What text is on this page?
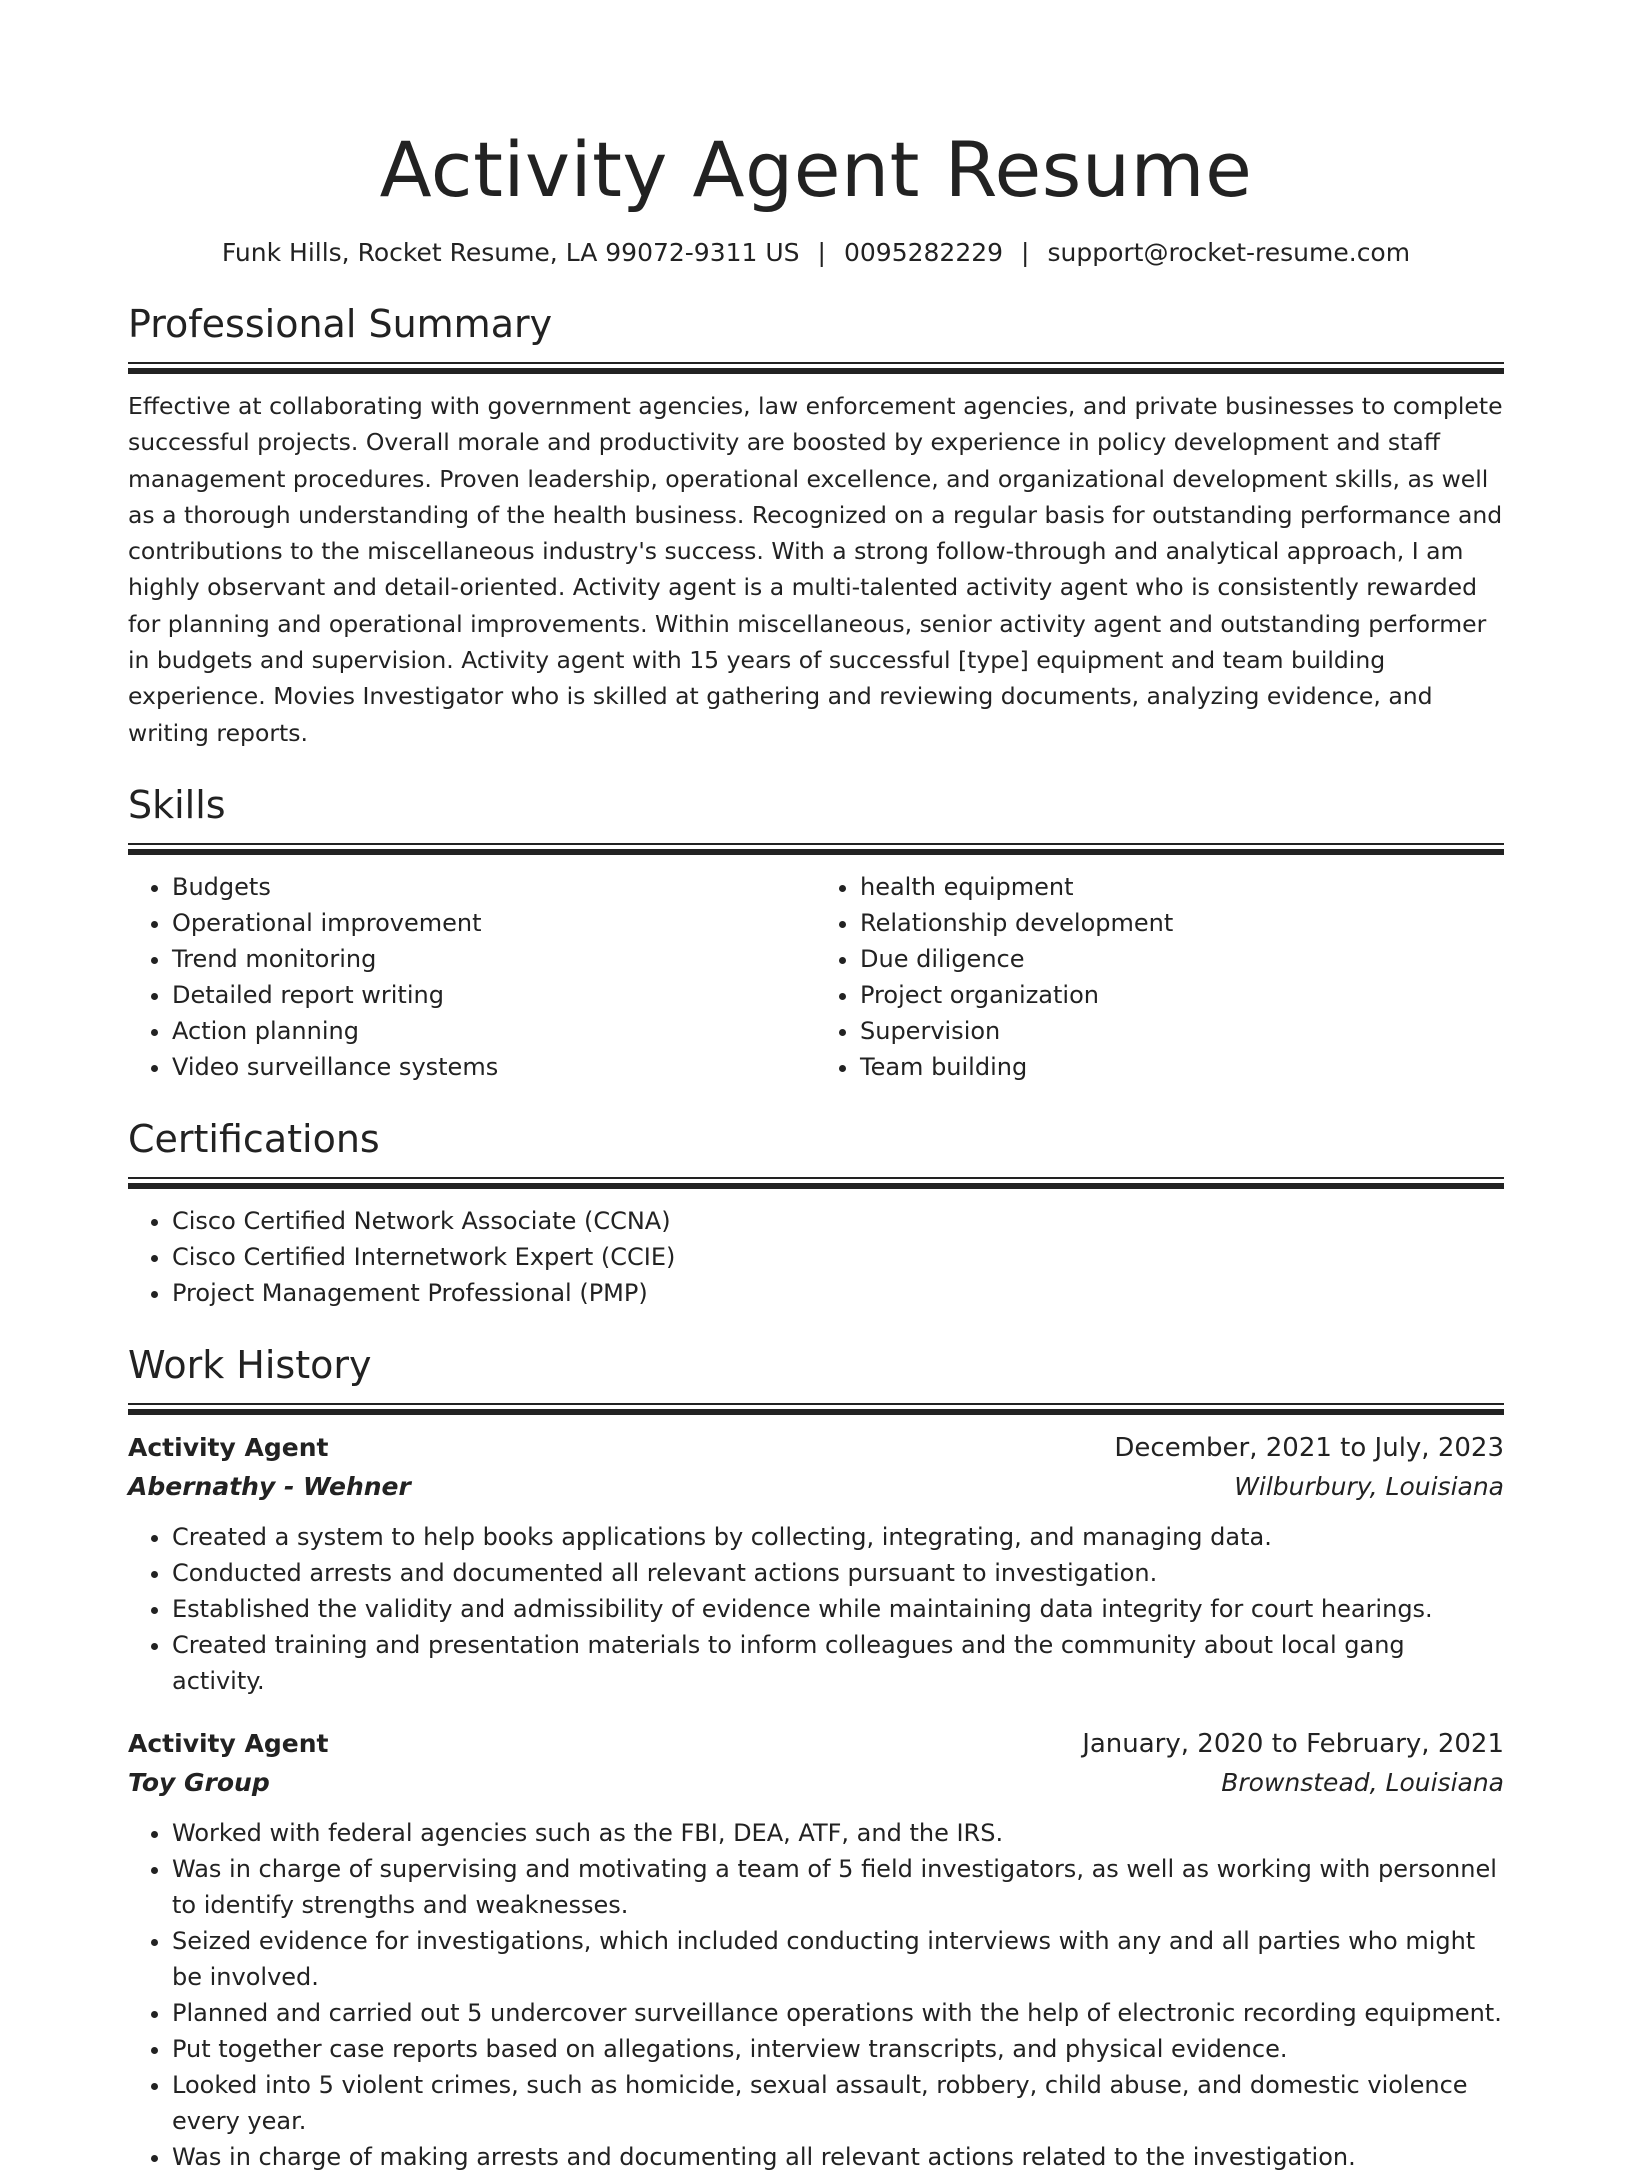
Activity Agent Resume
Funk Hills, Rocket Resume, LA 99072-9311 US | 0095282229 | support@rocket-resume.com
Professional Summary

Effective at collaborating with government agencies, law enforcement agencies, and private businesses to complete successful projects. Overall morale and productivity are boosted by experience in policy development and staff management procedures. Proven leadership, operational excellence, and organizational development skills, as well as a thorough understanding of the health business. Recognized on a regular basis for outstanding performance and contributions to the miscellaneous industry's success. With a strong follow-through and analytical approach, I am highly observant and detail-oriented. Activity agent is a multi-talented activity agent who is consistently rewarded for planning and operational improvements. Within miscellaneous, senior activity agent and outstanding performer in budgets and supervision. Activity agent with 15 years of successful [type] equipment and team building experience. Movies Investigator who is skilled at gathering and reviewing documents, analyzing evidence, and writing reports.

Skills
• Budgets
• Operational improvement
• Trend monitoring
• Detailed report writing
• Action planning
• Video surveillance systems
• health equipment
• Relationship development
• Due diligence
• Project organization
• Supervision
• Team building
Certifications
• Cisco Certified Network Associate (CCNA)
• Cisco Certified Internetwork Expert (CCIE)
• Project Management Professional (PMP)
Work History
Activity Agent	December, 2021 to July, 2023
Abernathy - Wehner	Wilburbury, Louisiana
• Created a system to help books applications by collecting, integrating, and managing data.
• Conducted arrests and documented all relevant actions pursuant to investigation.
• Established the validity and admissibility of evidence while maintaining data integrity for court hearings.
• Created training and presentation materials to inform colleagues and the community about local gang activity.
Activity Agent	January, 2020 to February, 2021
Toy Group	Brownstead, Louisiana
• Worked with federal agencies such as the FBI, DEA, ATF, and the IRS.
• Was in charge of supervising and motivating a team of 5 field investigators, as well as working with personnel to identify strengths and weaknesses.
• Seized evidence for investigations, which included conducting interviews with any and all parties who might be involved.
• Planned and carried out 5 undercover surveillance operations with the help of electronic recording equipment.
• Put together case reports based on allegations, interview transcripts, and physical evidence.
• Looked into 5 violent crimes, such as homicide, sexual assault, robbery, child abuse, and domestic violence every year.
• Was in charge of making arrests and documenting all relevant actions related to the investigation.
